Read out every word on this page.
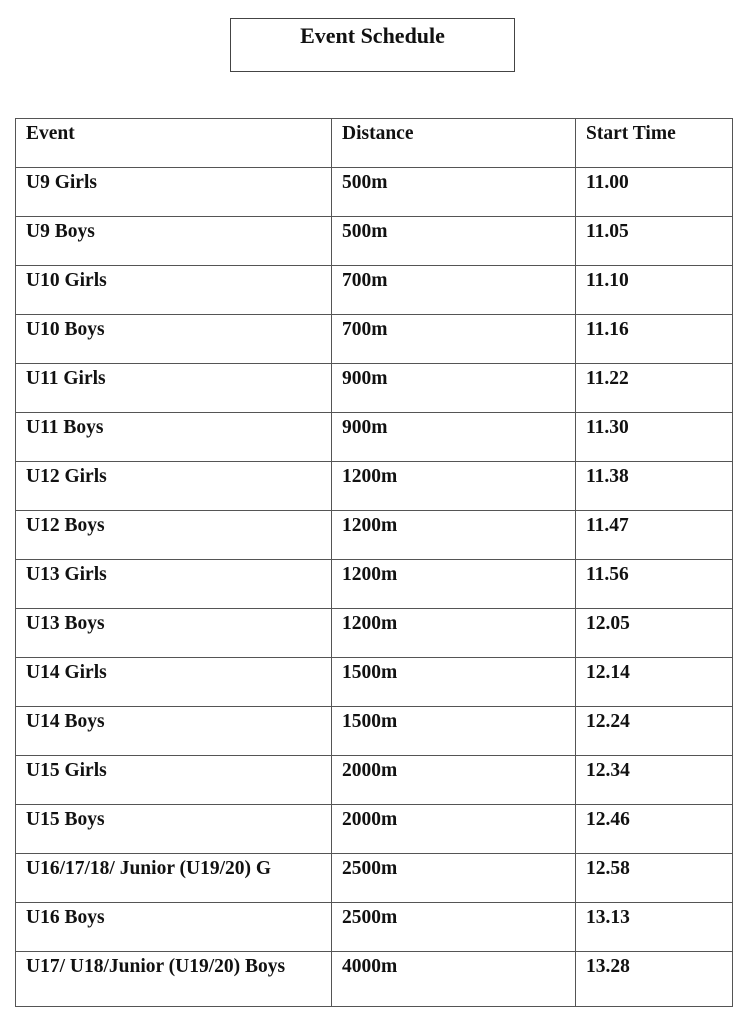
Event Schedule
Event	Distance	Start Time
U9 Girls	500m	11.00
U9 Boys	500m	11.05
U10 Girls	700m	11.10
U10 Boys	700m	11.16
U11 Girls	900m	11.22
U11 Boys	900m	11.30
U12 Girls	1200m	11.38
U12 Boys	1200m	11.47
U13 Girls	1200m	11.56
U13 Boys	1200m	12.05
U14 Girls	1500m	12.14
U14 Boys	1500m	12.24
U15 Girls	2000m	12.34
U15 Boys	2000m	12.46
U16/17/18/ Junior (U19/20) G	2500m	12.58
U16 Boys	2500m	13.13
U17/ U18/Junior (U19/20) Boys	4000m	13.28
